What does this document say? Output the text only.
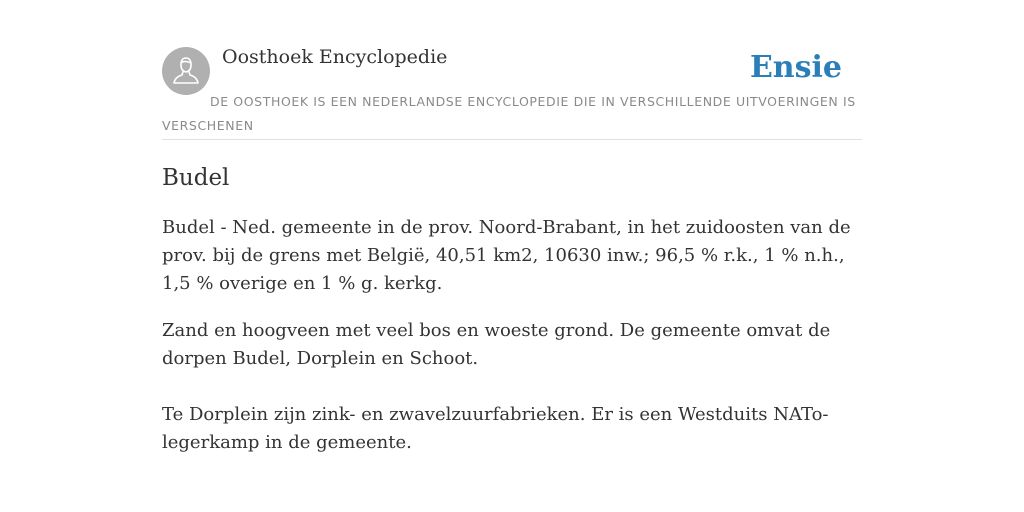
Oosthoek Encyclopedie	Ensie
DE OOSTHOEK IS EEN NEDERLANDSE ENCYCLOPEDIE DIE IN VERSCHILLENDE UITVOERINGEN IS VERSCHENEN
Budel

Budel - Ned. gemeente in de prov. Noord-Brabant, in het zuidoosten van de prov. bij de grens met België, 40,51 km2, 10630 inw.; 96,5 % r.k., 1 % n.h., 1,5 % overige en 1 % g. kerkg.

Zand en hoogveen met veel bos en woeste grond. De gemeente omvat de dorpen Budel, Dorplein en Schoot.

Te Dorplein zijn zink- en zwavelzuurfabrieken. Er is een Westduits NATo-legerkamp in de gemeente.
